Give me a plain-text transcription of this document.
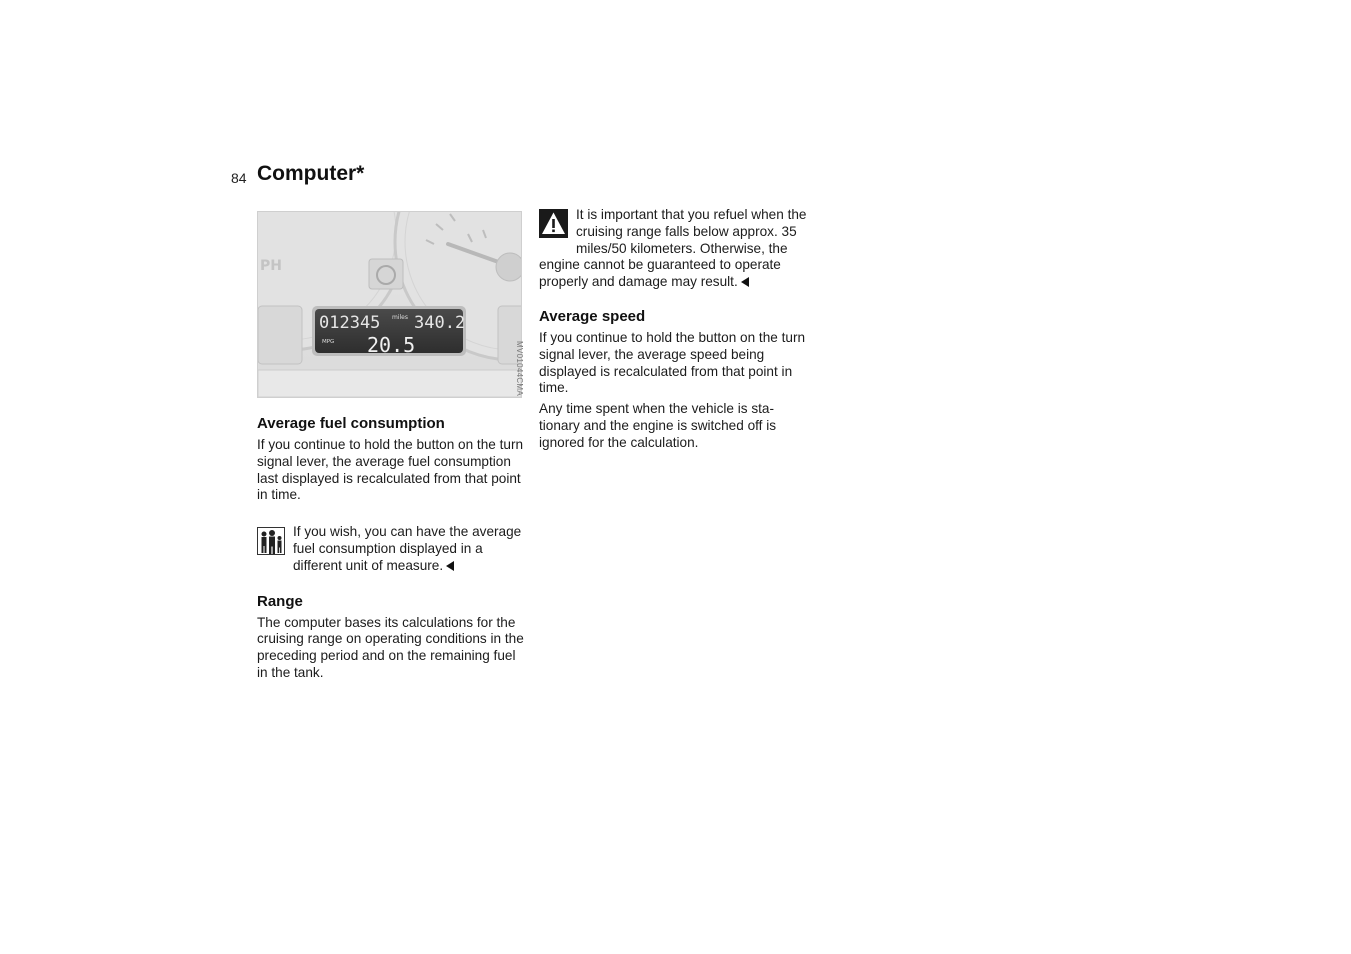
84 Computer*
PH
012345 miles 340.2
MPG 20.5
Average fuel consumption

If you continue to hold the button on the turn signal lever, the average fuel consumption last displayed is recalculated from that point in time.

If you wish, you can have the average fuel consumption displayed in a different unit of measure.

Range

The computer bases its calculations for the cruising range on operating conditions in the preceding period and on the remaining fuel in the tank.

MV01044CMA

It is important that you refuel when the cruising range falls below approx. 35 miles/50 kilometers. Otherwise, the engine cannot be guaranteed to operate properly and damage may result.

Average speed

If you continue to hold the button on the turn signal lever, the average speed being displayed is recalculated from that point in time.

Any time spent when the vehicle is stationary and the engine is switched off is ignored for the calculation.
